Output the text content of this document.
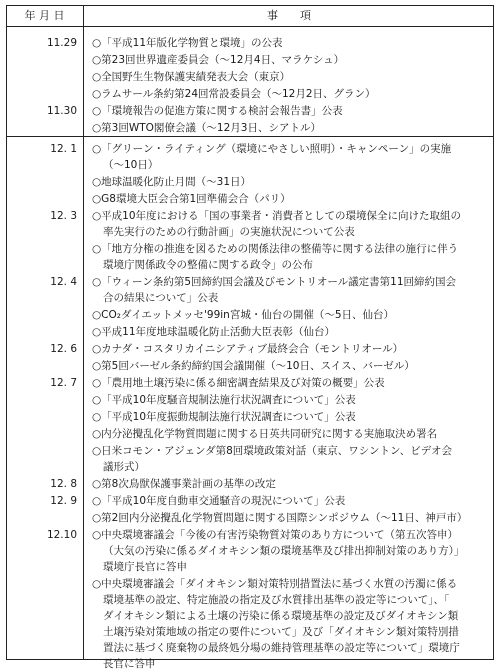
年 月 日	事　　項
11.29 ○「平成11年版化学物質と環境」の公表
○第23回世界遺産委員会（～12月4日、マラケシュ）
○全国野生生物保護実績発表大会（東京）
○ラムサール条約第24回常設委員会（～12月2日、グラン）
11.30 ○「環境報告の促進方策に関する検討会報告書」公表
○第3回WTO閣僚会議（～12月3日、シアトル）
12. 1 ○「グリーン・ライティング（環境にやさしい照明）・キャンペーン」の実施
（～10日）
○地球温暖化防止月間（～31日）
○G8環境大臣会合第1回準備会合（パリ）
12. 3 ○平成10年度における「国の事業者・消費者としての環境保全に向けた取組の
率先実行のための行動計画」の実施状況について公表
○「地方分権の推進を図るための関係法律の整備等に関する法律の施行に伴う
環境庁関係政令の整備に関する政令」の公布
12. 4 ○「ウィーン条約第5回締約国会議及びモントリオール議定書第11回締約国会
合の結果について」公表
○CO₂ダイエットメッセ'99in宮城・仙台の開催（～5日、仙台）
○平成11年度地球温暖化防止活動大臣表彰（仙台）
12. 6 ○カナダ・コスタリカイニシアティブ最終会合（モントリオール）
○第5回バーゼル条約締約国会議開催（～10日、スイス、バーゼル）
12. 7 ○「農用地土壌汚染に係る細密調査結果及び対策の概要」公表
○「平成10年度騒音規制法施行状況調査について」公表
○「平成10年度振動規制法施行状況調査について」公表
○内分泌攪乱化学物質問題に関する日英共同研究に関する実施取決め署名
○日米コモン・アジェンダ第8回環境政策対話（東京、ワシントン、ビデオ会
議形式）
12. 8 ○第8次鳥獣保護事業計画の基準の改定
12. 9 ○「平成10年度自動車交通騒音の現況について」公表
○第2回内分泌攪乱化学物質問題に関する国際シンポジウム（～11日、神戸市）
12.10 ○中央環境審議会「今後の有害汚染物質対策のあり方について（第五次答申）
（大気の汚染に係るダイオキシン類の環境基準及び排出抑制対策のあり方）」
環境庁長官に答申
○中央環境審議会「ダイオキシン類対策特別措置法に基づく水質の汚濁に係る
環境基準の設定、特定施設の指定及び水質排出基準の設定等について」、「
ダイオキシン類による土壌の汚染に係る環境基準の設定及びダイオキシン類
土壌汚染対策地域の指定の要件について」及び「ダイオキシン類対策特別措
置法に基づく廃棄物の最終処分場の維持管理基準の設定等について」環境庁
長官に答申
